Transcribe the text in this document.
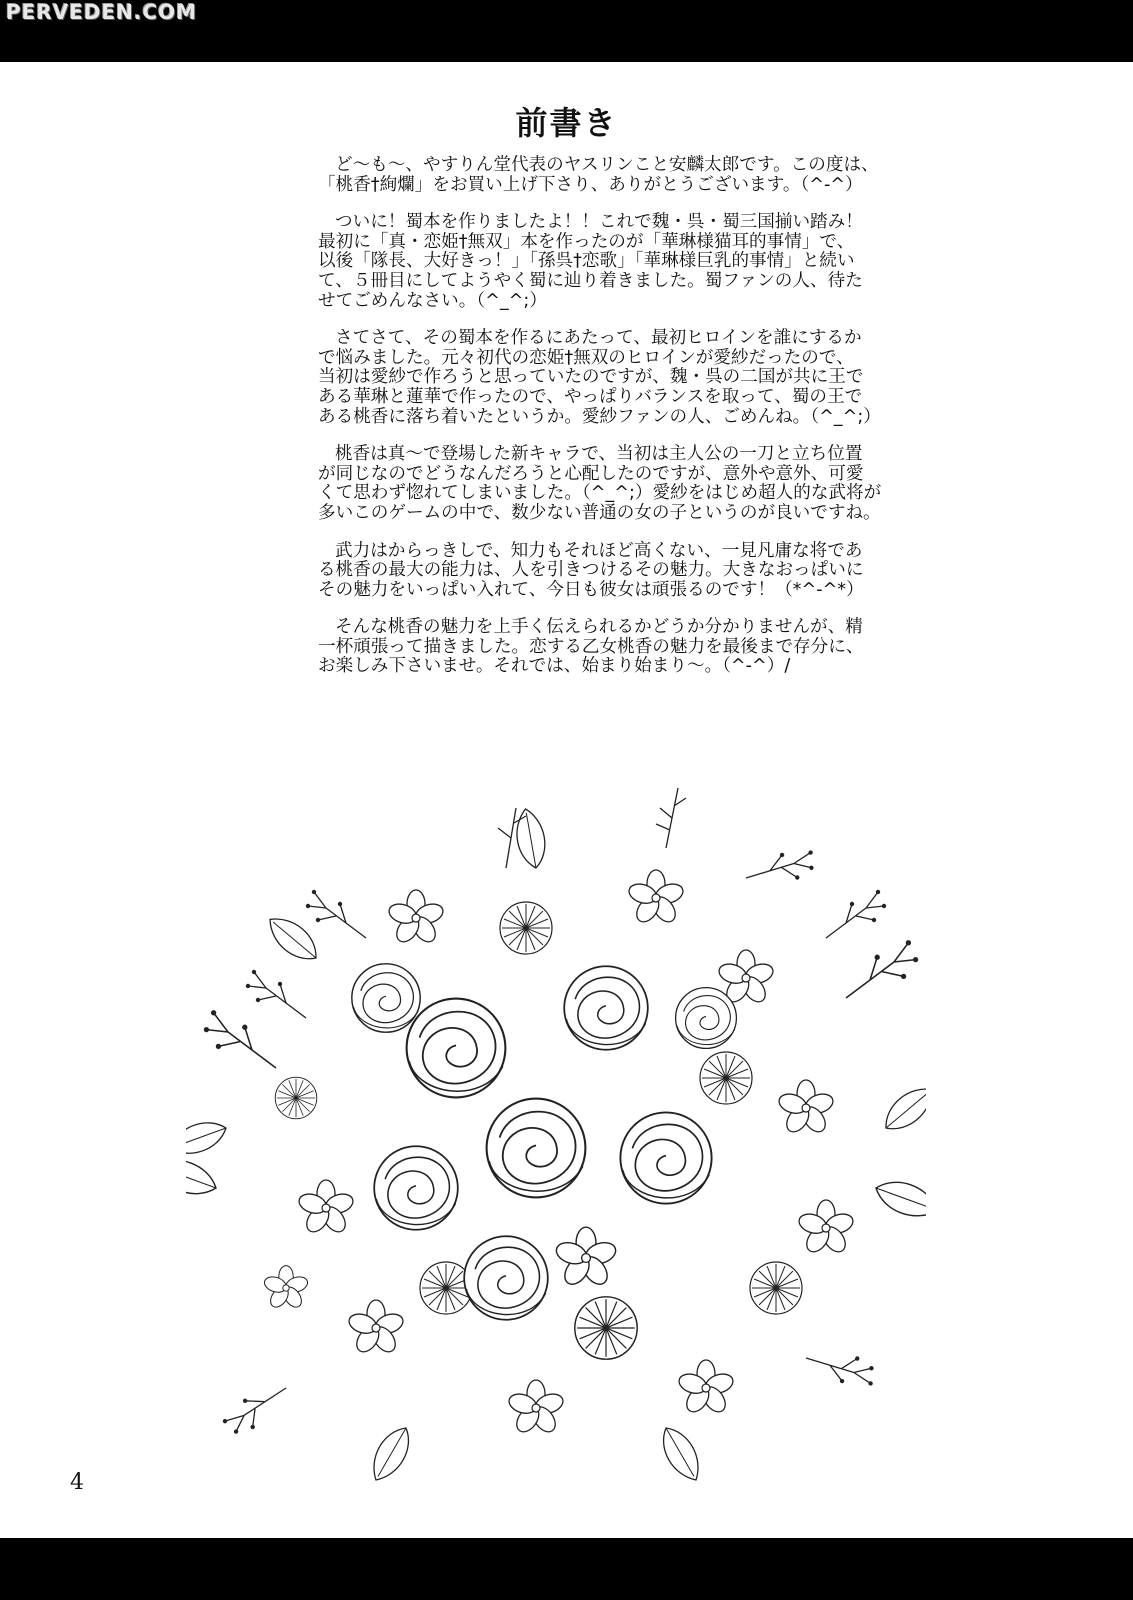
PERVEDEN.COM
前書き

ど～も～、やすりん堂代表のヤスリンこと安麟太郎です。この度は、
「桃香†絢爛」をお買い上げ下さり、ありがとうございます。（^-^）

ついに！蜀本を作りましたよ！！これで魏・呉・蜀三国揃い踏み！
最初に「真・恋姫†無双」本を作ったのが「華琳様猫耳的事情」で、
以後「隊長、大好きっ！」「孫呉†恋歌」「華琳様巨乳的事情」と続い
て、５冊目にしてようやく蜀に辿り着きました。蜀ファンの人、待た
せてごめんなさい。（^_^;）

さてさて、その蜀本を作るにあたって、最初ヒロインを誰にするか
で悩みました。元々初代の恋姫†無双のヒロインが愛紗だったので、
当初は愛紗で作ろうと思っていたのですが、魏・呉の二国が共に王で
ある華琳と蓮華で作ったので、やっぱりバランスを取って、蜀の王で
ある桃香に落ち着いたというか。愛紗ファンの人、ごめんね。（^_^;）

桃香は真～で登場した新キャラで、当初は主人公の一刀と立ち位置
が同じなのでどうなんだろうと心配したのですが、意外や意外、可愛
くて思わず惚れてしまいました。（^_^;）愛紗をはじめ超人的な武将が
多いこのゲームの中で、数少ない普通の女の子というのが良いですね。

武力はからっきしで、知力もそれほど高くない、一見凡庸な将であ
る桃香の最大の能力は、人を引きつけるその魅力。大きなおっぱいに
その魅力をいっぱい入れて、今日も彼女は頑張るのです！（*^-^*）

そんな桃香の魅力を上手く伝えられるかどうか分かりませんが、精
一杯頑張って描きました。恋する乙女桃香の魅力を最後まで存分に、
お楽しみ下さいませ。それでは、始まり始まり～。（^-^）/

4
